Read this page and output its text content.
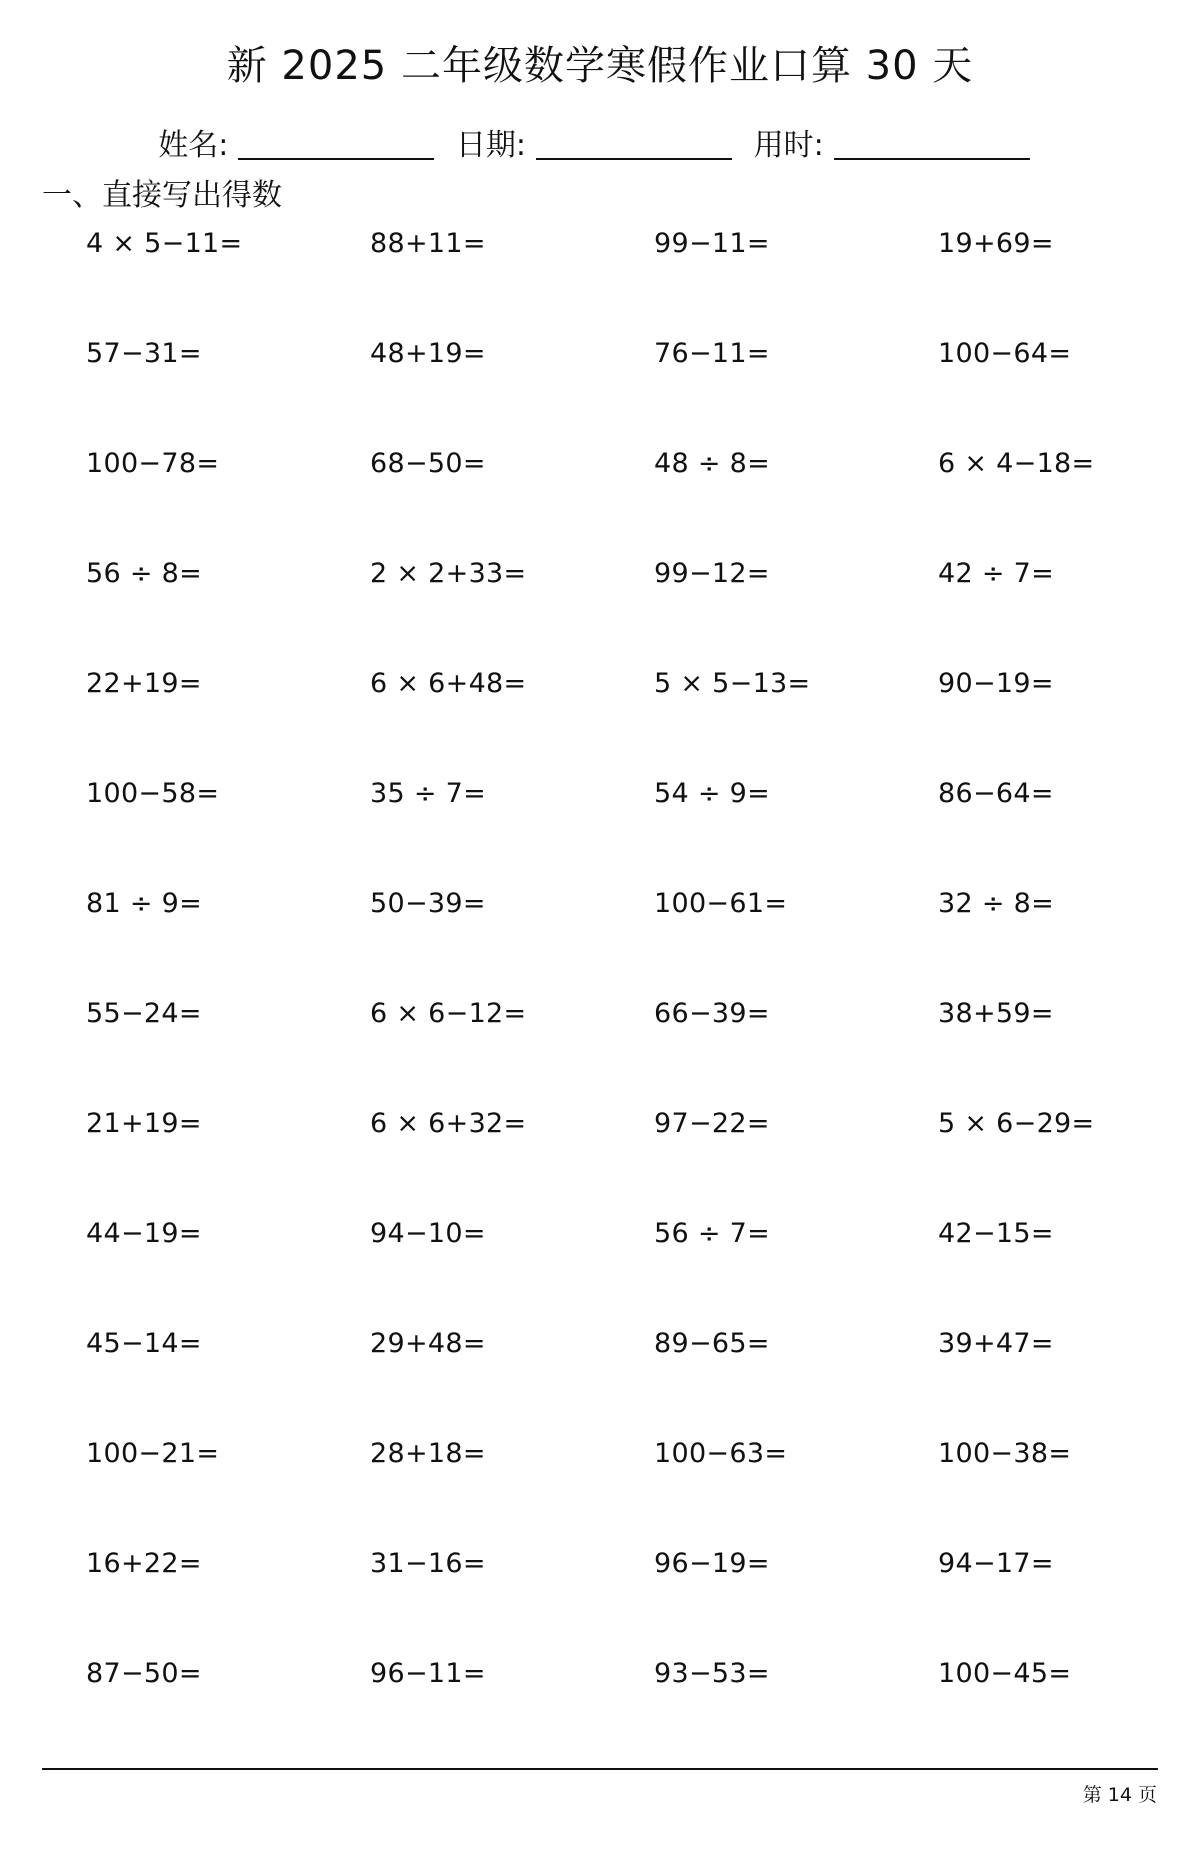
新 2025 二年级数学寒假作业口算 30 天
姓名:	日期:	用时:
一、直接写出得数
4 × 5−11=	88+11=	99−11=	19+69=
57−31=	48+19=	76−11=	100−64=
100−78=	68−50=	48 ÷ 8=	6 × 4−18=
56 ÷ 8=	2 × 2+33=	99−12=	42 ÷ 7=
22+19=	6 × 6+48=	5 × 5−13=	90−19=
100−58=	35 ÷ 7=	54 ÷ 9=	86−64=
81 ÷ 9=	50−39=	100−61=	32 ÷ 8=
55−24=	6 × 6−12=	66−39=	38+59=
21+19=	6 × 6+32=	97−22=	5 × 6−29=
44−19=	94−10=	56 ÷ 7=	42−15=
45−14=	29+48=	89−65=	39+47=
100−21=	28+18=	100−63=	100−38=
16+22=	31−16=	96−19=	94−17=
87−50=	96−11=	93−53=	100−45=
第 14 页
